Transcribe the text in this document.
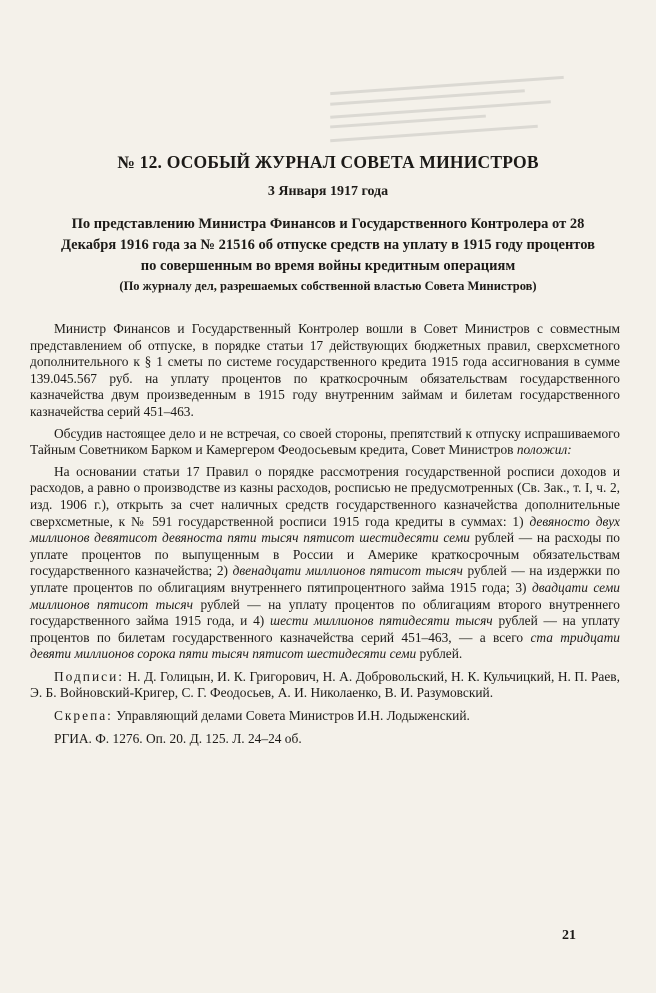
№ 12. ОСОБЫЙ ЖУРНАЛ СОВЕТА МИНИСТРОВ
3 Января 1917 года
По представлению Министра Финансов и Государственного Контролера от 28 Декабря 1916 года за № 21516 об отпуске средств на уплату в 1915 году процентов по совершенным во время войны кредитным операциям
(По журналу дел, разрешаемых собственной властью Совета Министров)

Министр Финансов и Государственный Контролер вошли в Совет Министров с совместным представлением об отпуске, в порядке статьи 17 действующих бюджетных правил, сверхсметного дополнительного к § 1 сметы по системе государственного кредита 1915 года ассигнования в сумме 139.045.567 руб. на уплату процентов по краткосрочным обязательствам государственного казначейства двум произведенным в 1915 году внутренним займам и билетам государственного казначейства серий 451–463.

Обсудив настоящее дело и не встречая, со своей стороны, препятствий к отпуску испрашиваемого Тайным Советником Барком и Камергером Феодосьевым кредита, Совет Министров положил:

На основании статьи 17 Правил о порядке рассмотрения государственной росписи доходов и расходов, а равно о производстве из казны расходов, росписью не предусмотренных (Св. Зак., т. I, ч. 2, изд. 1906 г.), открыть за счет наличных средств государственного казначейства дополнительные сверхсметные, к № 591 государственной росписи 1915 года кредиты в суммах: 1) девяносто двух миллионов девятисот девяноста пяти тысяч пятисот шестидесяти семи рублей — на расходы по уплате процентов по выпущенным в России и Америке краткосрочным обязательствам государственного казначейства; 2) двенадцати миллионов пятисот тысяч рублей — на издержки по уплате процентов по облигациям внутреннего пятипроцентного займа 1915 года; 3) двадцати семи миллионов пятисот тысяч рублей — на уплату процентов по облигациям второго внутреннего государственного займа 1915 года, и 4) шести миллионов пятидесяти тысяч рублей — на уплату процентов по билетам государственного казначейства серий 451–463, — а всего ста тридцати девяти миллионов сорока пяти тысяч пятисот шестидесяти семи рублей.

Подписи: Н. Д. Голицын, И. К. Григорович, Н. А. Добровольский, Н. К. Кульчицкий, Н. П. Раев, Э. Б. Войновский-Кригер, С. Г. Феодосьев, А. И. Николаенко, В. И. Разумовский.

Скрепа: Управляющий делами Совета Министров И.Н. Лодыженский.

РГИА. Ф. 1276. Оп. 20. Д. 125. Л. 24–24 об.
21
